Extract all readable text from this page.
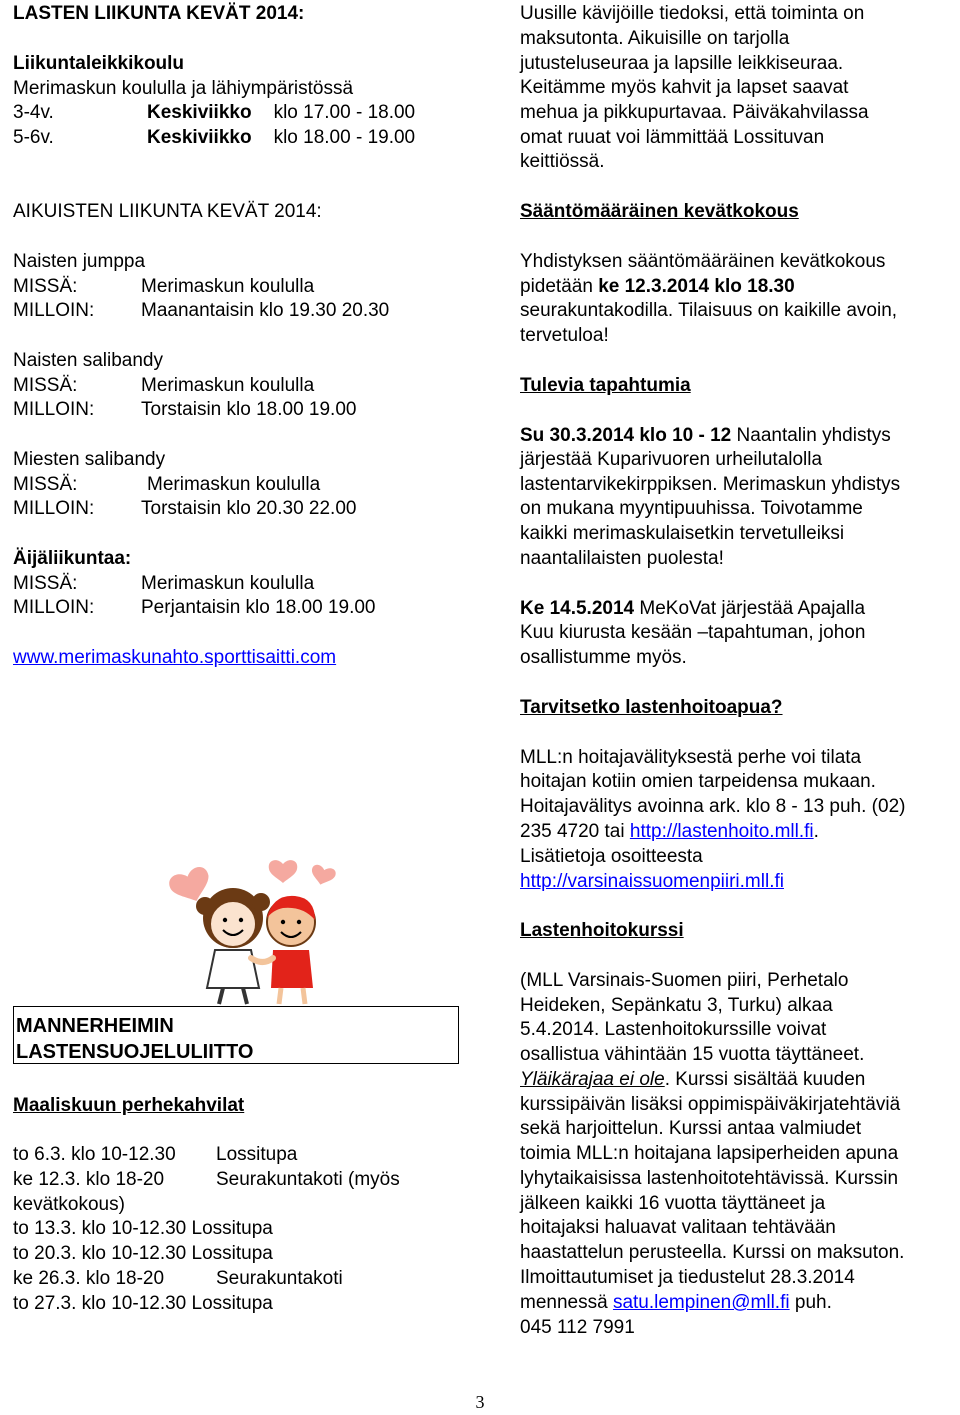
LASTEN LIIKUNTA KEVÄT 2014:
Liikuntaleikkikoulu
Merimaskun koululla ja lähiympäristössä
3-4v.	Keskiviikko klo 17.00 - 18.00
5-6v.	Keskiviikko klo 18.00 - 19.00
AIKUISTEN LIIKUNTA KEVÄT 2014:
Naisten jumppa
MISSÄ:	Merimaskun koululla
MILLOIN: Maanantaisin klo 19.30 20.30
Naisten salibandy
MISSÄ:	Merimaskun koululla
MILLOIN: Torstaisin klo 18.00 19.00
Miesten salibandy
MISSÄ:	Merimaskun koululla
MILLOIN: Torstaisin klo 20.30 22.00
Äijäliikuntaa:
MISSÄ:	Merimaskun koululla
MILLOIN: Perjantaisin klo 18.00 19.00
www.merimaskunahto.sporttisaitti.com
MANNERHEIMIN
LASTENSUOJELULIITTO
Maaliskuun perhekahvilat
to 6.3. klo 10-12.30 Lossitupa
ke 12.3. klo 18-20	Seurakuntakoti (myös
kevätkokous)
to 13.3. klo 10-12.30 Lossitupa
to 20.3. klo 10-12.30 Lossitupa
ke 26.3. klo 18-20	Seurakuntakoti
to 27.3. klo 10-12.30 Lossitupa
Uusille kävijöille tiedoksi, että toiminta on
maksutonta. Aikuisille on tarjolla
jutusteluseuraa ja lapsille leikkiseuraa.
Keitämme myös kahvit ja lapset saavat
mehua ja pikkupurtavaa. Päiväkahvilassa
omat ruuat voi lämmittää Lossituvan
keittiössä.
Sääntömääräinen kevätkokous
Yhdistyksen sääntömääräinen kevätkokous
pidetään ke 12.3.2014 klo 18.30
seurakuntakodilla. Tilaisuus on kaikille avoin,
tervetuloa!
Tulevia tapahtumia
Su 30.3.2014 klo 10 - 12 Naantalin yhdistys
järjestää Kuparivuoren urheilutalolla
lastentarvikekirppiksen. Merimaskun yhdistys
on mukana myyntipuuhissa. Toivotamme
kaikki merimaskulaisetkin tervetulleiksi
naantalilaisten puolesta!
Ke 14.5.2014 MeKoVat järjestää Apajalla
Kuu kiurusta kesään –tapahtuman, johon
osallistumme myös.
Tarvitsetko lastenhoitoapua?
MLL:n hoitajavälityksestä perhe voi tilata
hoitajan kotiin omien tarpeidensa mukaan.
Hoitajavälitys avoinna ark. klo 8 - 13 puh. (02)
235 4720 tai http://lastenhoito.mll.fi.
Lisätietoja osoitteesta
http://varsinaissuomenpiiri.mll.fi
Lastenhoitokurssi
(MLL Varsinais-Suomen piiri, Perhetalo
Heideken, Sepänkatu 3, Turku) alkaa
5.4.2014. Lastenhoitokurssille voivat
osallistua vähintään 15 vuotta täyttäneet.
Yläikärajaa ei ole. Kurssi sisältää kuuden
kurssipäivän lisäksi oppimispäiväkirjatehtäviä
sekä harjoittelun. Kurssi antaa valmiudet
toimia MLL:n hoitajana lapsiperheiden apuna
lyhytaikaisissa lastenhoitotehtävissä. Kurssin
jälkeen kaikki 16 vuotta täyttäneet ja
hoitajaksi haluavat valitaan tehtävään
haastattelun perusteella. Kurssi on maksuton.
Ilmoittautumiset ja tiedustelut 28.3.2014
mennessä satu.lempinen@mll.fi puh.
045 112 7991
3
